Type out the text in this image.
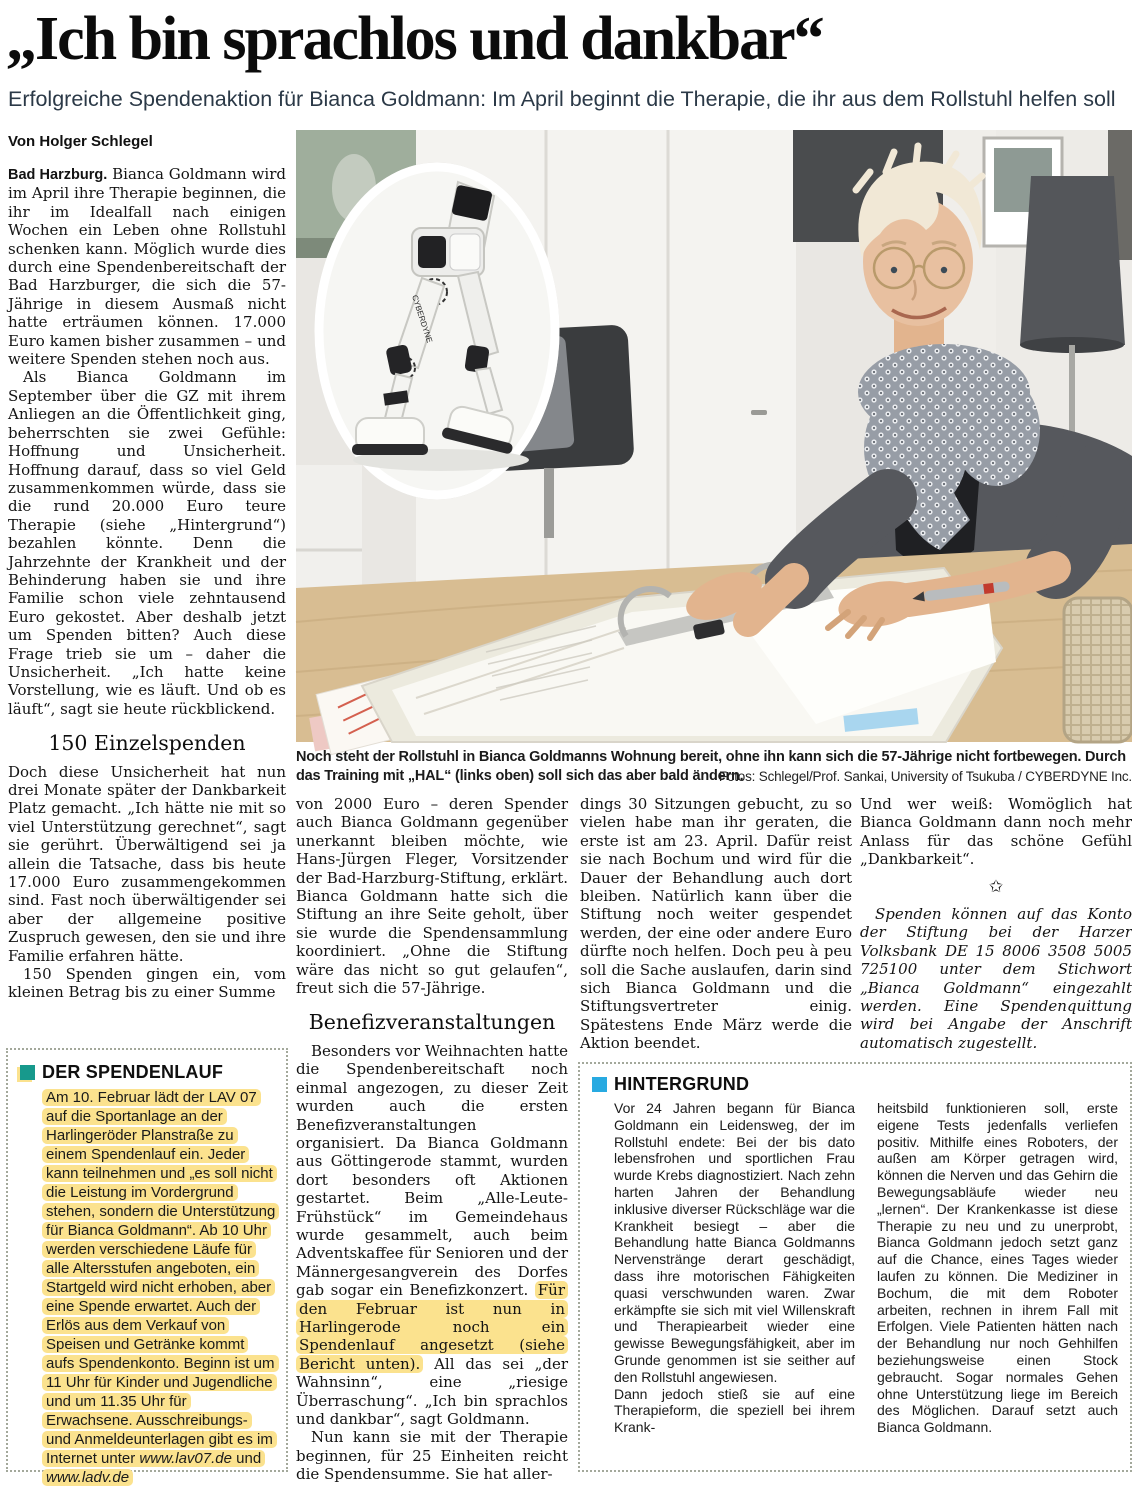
„Ich bin sprachlos und dankbar“
Erfolgreiche Spendenaktion für Bianca Goldmann: Im April beginnt die Therapie, die ihr aus dem Rollstuhl helfen soll
Von Holger Schlegel
CYBERDYNE
Noch steht der Rollstuhl in Bianca Goldmanns Wohnung bereit, ohne ihn kann sich die 57-Jährige nicht fortbewegen. Durch das Training mit „HAL“ (links oben) soll sich das aber bald ändern.
Fotos: Schlegel/Prof. Sankai, University of Tsukuba / CYBERDYNE Inc.

Bad Harzburg. Bianca Goldmann wird im April ihre Therapie beginnen, die ihr im Idealfall nach einigen Wochen ein Leben ohne Rollstuhl schenken kann. Möglich wurde dies durch eine Spendenbereitschaft der Bad Harzburger, die sich die 57-Jährige in diesem Ausmaß nicht hatte erträumen können. 17.000 Euro kamen bisher zusammen – und weitere Spenden stehen noch aus.

Als Bianca Goldmann im September über die GZ mit ihrem Anliegen an die Öffentlichkeit ging, beherrschten sie zwei Gefühle: Hoffnung und Unsicherheit. Hoffnung darauf, dass so viel Geld zusammenkommen würde, dass sie die rund 20.000 Euro teure Therapie (siehe „Hintergrund“) bezahlen könnte. Denn die Jahrzehnte der Krankheit und der Behinderung haben sie und ihre Familie schon viele zehntausend Euro gekostet. Aber deshalb jetzt um Spenden bitten? Auch diese Frage trieb sie um – daher die Unsicherheit. „Ich hatte keine Vorstellung, wie es läuft. Und ob es läuft“, sagt sie heute rückblickend.

150 Einzelspenden

Doch diese Unsicherheit hat nun drei Monate später der Dankbarkeit Platz gemacht. „Ich hätte nie mit so viel Unterstützung gerechnet“, sagt sie gerührt. Überwältigend sei ja allein die Tatsache, dass bis heute 17.000 Euro zusammengekommen sind. Fast noch überwältigender sei aber der allgemeine positive Zuspruch gewesen, den sie und ihre Familie erfahren hätte.

150 Spenden gingen ein, vom kleinen Betrag bis zu einer Summe

von 2000 Euro – deren Spender auch Bianca Goldmann gegenüber unerkannt bleiben möchte, wie Hans-Jürgen Fleger, Vorsitzender der Bad-Harzburg-Stiftung, erklärt. Bianca Goldmann hatte sich die Stiftung an ihre Seite geholt, über sie wurde die Spendensammlung koordiniert. „Ohne die Stiftung wäre das nicht so gut gelaufen“, freut sich die 57-Jährige.

Benefizveranstaltungen

Besonders vor Weihnachten hatte die Spendenbereitschaft noch einmal angezogen, zu dieser Zeit wurden auch die ersten Benefizveranstaltungen organisiert. Da Bianca Goldmann aus Göttingerode stammt, wurden dort besonders oft Aktionen gestartet. Beim „Alle-Leute-Frühstück“ im Gemeindehaus wurde gesammelt, auch beim Adventskaffee für Senioren und der Männergesangverein des Dorfes gab sogar ein Benefizkonzert. Für den Februar ist nun in Harlingerode noch ein Spendenlauf angesetzt (siehe Bericht unten). All das sei „der Wahnsinn“, eine „riesige Überraschung“. „Ich bin sprachlos und dankbar“, sagt Goldmann.

Nun kann sie mit der Therapie beginnen, für 25 Einheiten reicht die Spendensumme. Sie hat aller-

dings 30 Sitzungen gebucht, zu so vielen habe man ihr geraten, die erste ist am 23. April. Dafür reist sie nach Bochum und wird für die Dauer der Behandlung auch dort bleiben. Natürlich kann über die Stiftung noch weiter gespendet werden, der eine oder andere Euro dürfte noch helfen. Doch peu à peu soll die Sache auslaufen, darin sind sich Bianca Goldmann und die Stiftungsvertreter einig. Spätestens Ende März werde die Aktion beendet.

Und wer weiß: Womöglich hat Bianca Goldmann dann noch mehr Anlass für das schöne Gefühl „Dankbarkeit“.

✩

Spenden können auf das Konto der Stiftung bei der Harzer Volksbank DE 15 8006 3508 5005 725100 unter dem Stichwort „Bianca Goldmann“ eingezahlt werden. Eine Spendenquittung wird bei Angabe der Anschrift automatisch zugestellt.

DER SPENDENLAUF
Am 10. Februar lädt der LAV 07 auf die Sportanlage an der Harlingeröder Planstraße zu einem Spendenlauf ein. Jeder kann teilnehmen und „es soll nicht die Leistung im Vordergrund stehen, sondern die Unterstützung für Bianca Goldmann“. Ab 10 Uhr werden verschiedene Läufe für alle Altersstufen angeboten, ein Startgeld wird nicht erhoben, aber eine Spende erwartet. Auch der Erlös aus dem Verkauf von Speisen und Getränke kommt aufs Spendenkonto. Beginn ist um 11 Uhr für Kinder und Jugendliche und um 11.35 Uhr für Erwachsene. Ausschreibungs- und Anmeldeunterlagen gibt es im Internet unter www.lav07.de und www.ladv.de
HINTERGRUND

Vor 24 Jahren begann für Bianca Goldmann ein Leidensweg, der im Rollstuhl endete: Bei der bis dato lebensfrohen und sportlichen Frau wurde Krebs diagnostiziert. Nach zehn harten Jahren der Behandlung inklusive diverser Rückschläge war die Krankheit besiegt – aber die Behandlung hatte Bianca Goldmanns Nervenstränge derart geschädigt, dass ihre motorischen Fähigkeiten quasi verschwunden waren. Zwar erkämpfte sie sich mit viel Willenskraft und Therapiearbeit wieder eine gewisse Bewegungsfähigkeit, aber im Grunde genommen ist sie seither auf den Rollstuhl angewiesen.

Dann jedoch stieß sie auf eine Therapieform, die speziell bei ihrem Krank-

heitsbild funktionieren soll, erste eigene Tests jedenfalls verliefen positiv. Mithilfe eines Roboters, der außen am Körper getragen wird, können die Nerven und das Gehirn die Bewegungsabläufe wieder neu „lernen“. Der Krankenkasse ist diese Therapie zu neu und zu unerprobt, Bianca Goldmann jedoch setzt ganz auf die Chance, eines Tages wieder laufen zu können. Die Mediziner in Bochum, die mit dem Roboter arbeiten, rechnen in ihrem Fall mit Erfolgen. Viele Patienten hätten nach der Behandlung nur noch Gehhilfen beziehungsweise einen Stock gebraucht. Sogar normales Gehen ohne Unterstützung liege im Bereich des Möglichen. Darauf setzt auch Bianca Goldmann.
